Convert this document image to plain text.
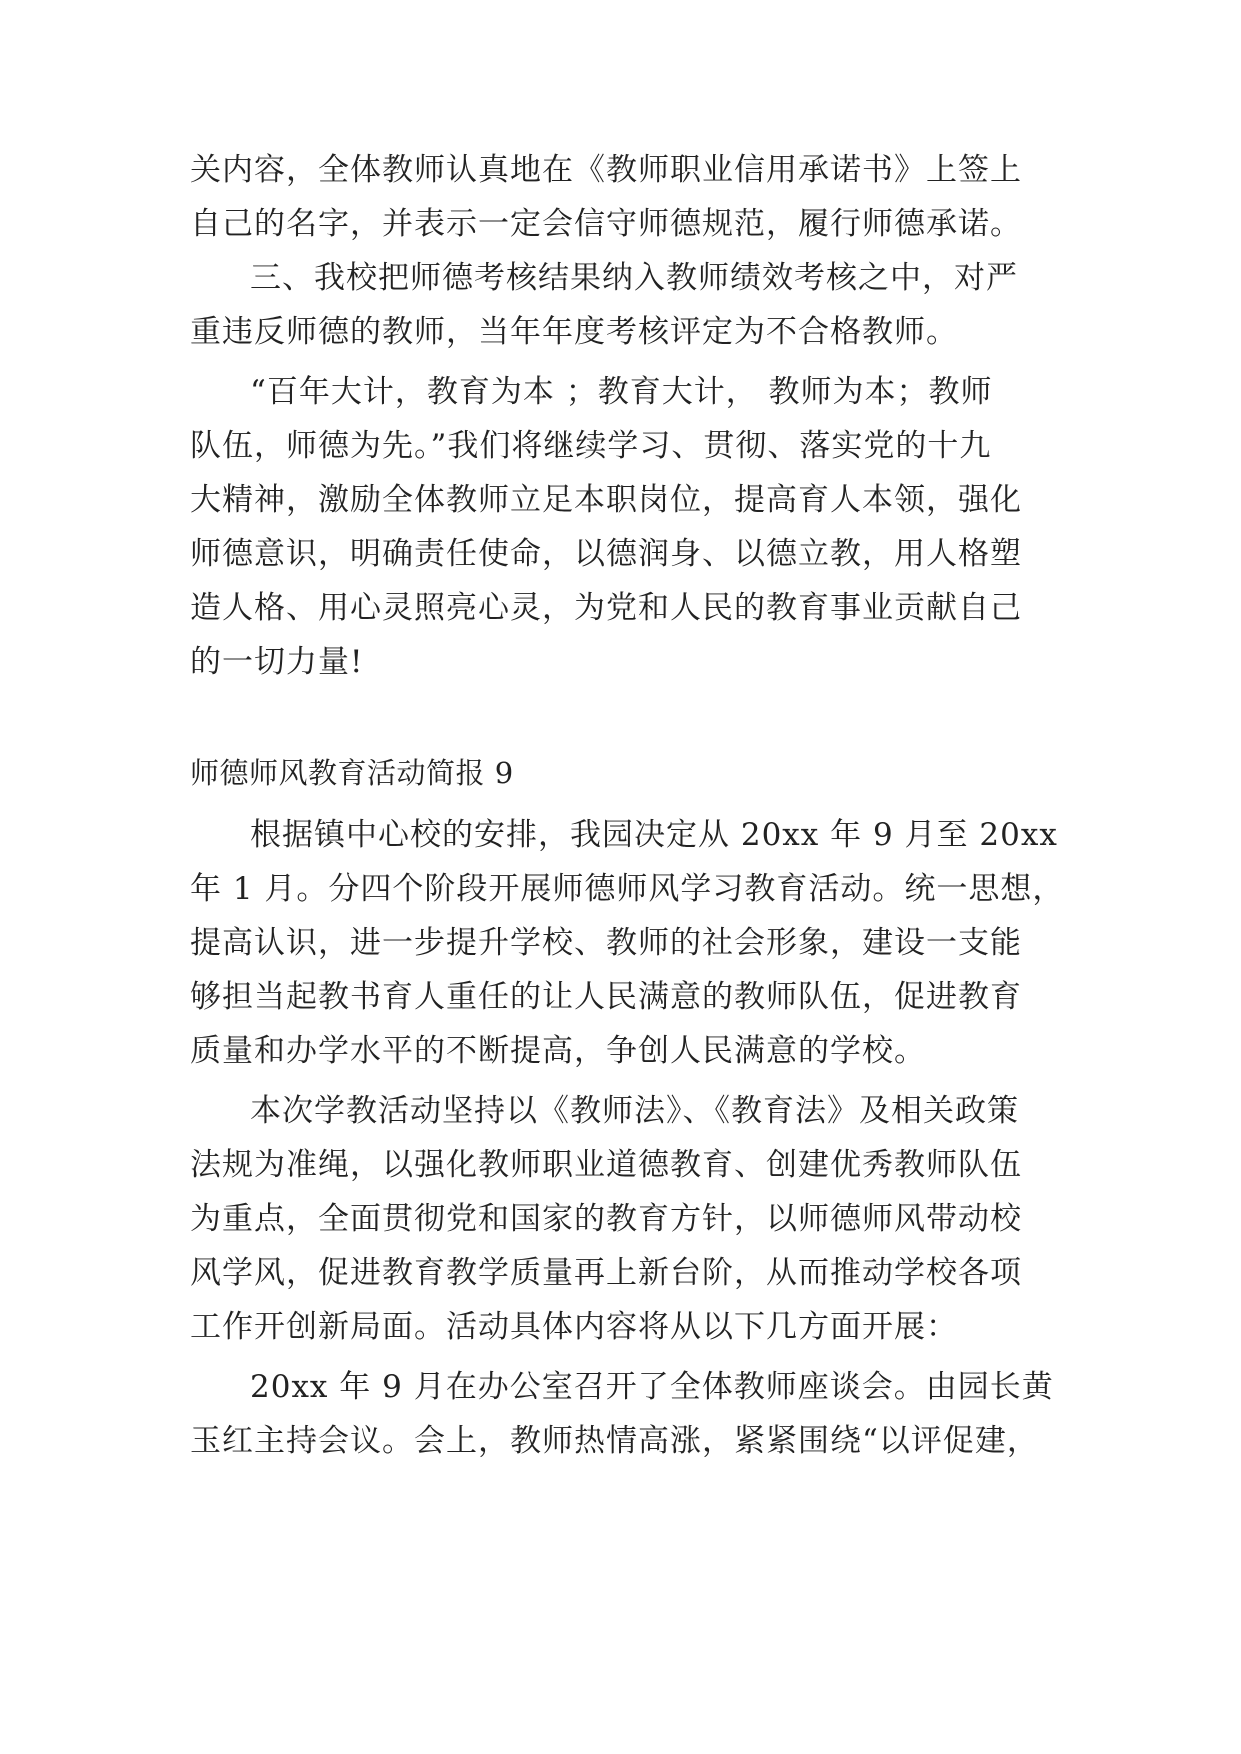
关内容，全体教师认真地在《教师职业信用承诺书》上签上
自己的名字，并表示一定会信守师德规范，履行师德承诺。
三、我校把师德考核结果纳入教师绩效考核之中，对严
重违反师德的教师，当年年度考核评定为不合格教师。
“百年大计，教育为本 ；教育大计， 教师为本；教师
队伍，师德为先。”我们将继续学习、贯彻、落实党的十九
大精神，激励全体教师立足本职岗位，提高育人本领，强化
师德意识，明确责任使命，以德润身、以德立教，用人格塑
造人格、用心灵照亮心灵，为党和人民的教育事业贡献自己
的一切力量!
师德师风教育活动简报 9
根据镇中心校的安排，我园决定从 20xx 年 9 月至 20xx
年 1 月。分四个阶段开展师德师风学习教育活动。统一思想，
提高认识，进一步提升学校、教师的社会形象，建设一支能
够担当起教书育人重任的让人民满意的教师队伍，促进教育
质量和办学水平的不断提高，争创人民满意的学校。
本次学教活动坚持以《教师法》、《教育法》及相关政策
法规为准绳，以强化教师职业道德教育、创建优秀教师队伍
为重点，全面贯彻党和国家的教育方针，以师德师风带动校
风学风，促进教育教学质量再上新台阶，从而推动学校各项
工作开创新局面。活动具体内容将从以下几方面开展：
20xx 年 9 月在办公室召开了全体教师座谈会。由园长黄
玉红主持会议。会上，教师热情高涨，紧紧围绕“以评促建，
